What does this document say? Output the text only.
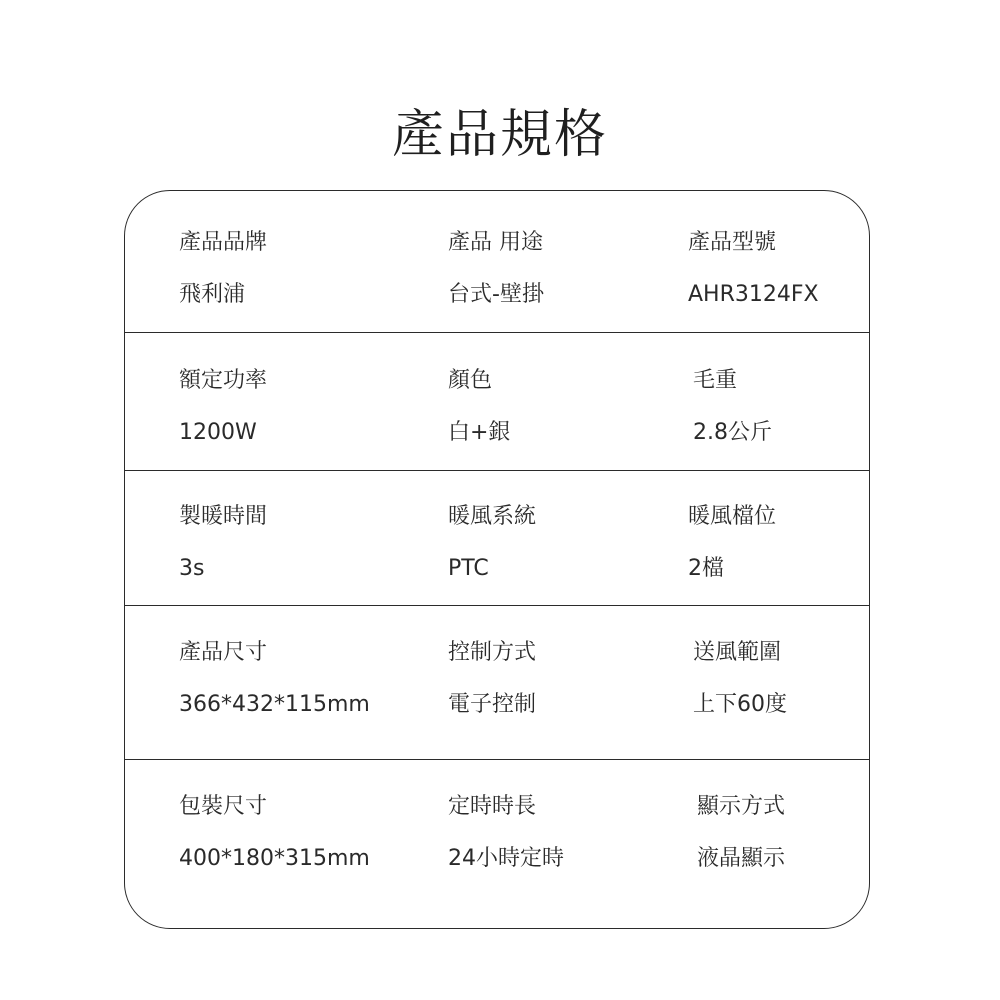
產品規格
產品品牌
飛利浦
產品 用途
台式-壁掛
產品型號
AHR3124FX
額定功率
1200W
顏色
白+銀
毛重
2.8公斤
製暖時間
3s
暖風系統
PTC
暖風檔位
2檔
產品尺寸
366*432*115mm
控制方式
電子控制
送風範圍
上下60度
包裝尺寸
400*180*315mm
定時時長
24小時定時
顯示方式
液晶顯示
